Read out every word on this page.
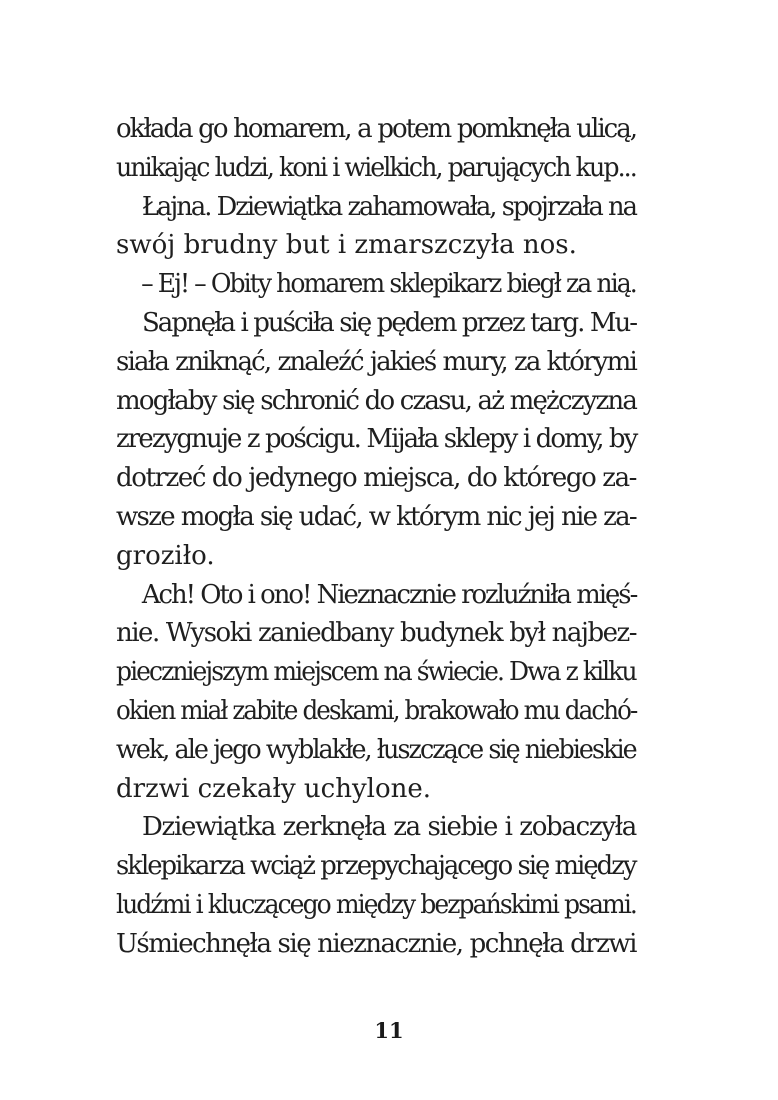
okłada go homarem, a potem pomknęła ulicą,
unikając ludzi, koni i wielkich, parujących kup...
Łajna. Dziewiątka zahamowała, spojrzała na
swój brudny but i zmarszczyła nos.
– Ej! – Obity homarem sklepikarz biegł za nią.
Sapnęła i puściła się pędem przez targ. Mu-
siała zniknąć, znaleźć jakieś mury, za którymi
mogłaby się schronić do czasu, aż mężczyzna
zrezygnuje z pościgu. Mijała sklepy i domy, by
dotrzeć do jedynego miejsca, do którego za-
wsze mogła się udać, w którym nic jej nie za-
groziło.
Ach! Oto i ono! Nieznacznie rozluźniła mięś-
nie. Wysoki zaniedbany budynek był najbez-
pieczniejszym miejscem na świecie. Dwa z kilku
okien miał zabite deskami, brakowało mu dachó-
wek, ale jego wyblakłe, łuszczące się niebieskie
drzwi czekały uchylone.
Dziewiątka zerknęła za siebie i zobaczyła
sklepikarza wciąż przepychającego się między
ludźmi i kluczącego między bezpańskimi psami.
Uśmiechnęła się nieznacznie, pchnęła drzwi
11
